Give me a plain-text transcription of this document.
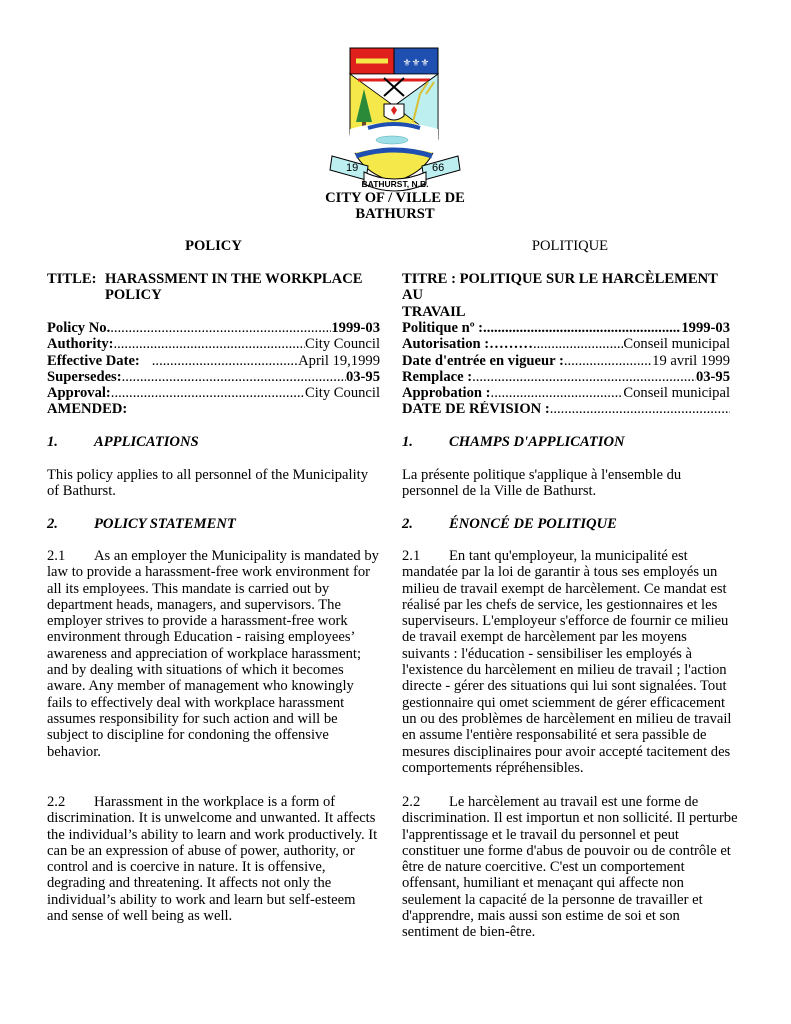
⚜⚜⚜
19	66
BATHURST, N.B.
CITY OF / VILLE DE
BATHURST
POLICY	POLITIQUE
TITLE: HARASSMENT IN THE WORKPLACE
POLICY
TITRE : POLITIQUE SUR LE HARCÈLEMENT AU
TRAVAIL
Policy No. .....	1999-03
Authority: .....	City Council
Effective Date: .....	April 19,1999
Supersedes: .....	03-95
Approval: .....	City Council
AMENDED:
Politique nº : .....	1999-03
Autorisation :……… .....	Conseil municipal
Date d'entrée en vigueur : .....	19 avril 1999
Remplace : .....	03-95
Approbation : .....	Conseil municipal
DATE DE RÉVISION :
.....
1.	APPLICATIONS	1.	CHAMPS D'APPLICATION
This policy applies to all personnel of the Municipality of Bathurst.
La présente politique s'applique à l'ensemble du personnel de la Ville de Bathurst.
2.	POLICY STATEMENT	2.	ÉNONCÉ DE POLITIQUE
2.1 As an employer the Municipality is mandated by law to provide a harassment-free work environment for all its employees. This mandate is carried out by department heads, managers, and supervisors. The employer strives to provide a harassment-free work environment through Education - raising employees’ awareness and appreciation of workplace harassment; and by dealing with situations of which it becomes aware. Any member of management who knowingly fails to effectively deal with workplace harassment assumes responsibility for such action and will be subject to discipline for condoning the offensive behavior.
2.1 En tant qu'employeur, la municipalité est mandatée par la loi de garantir à tous ses employés un milieu de travail exempt de harcèlement. Ce mandat est réalisé par les chefs de service, les gestionnaires et les superviseurs. L'employeur s'efforce de fournir ce milieu de travail exempt de harcèlement par les moyens suivants : l'éducation - sensibiliser les employés à l'existence du harcèlement en milieu de travail ; l'action directe - gérer des situations qui lui sont signalées. Tout gestionnaire qui omet sciemment de gérer efficacement un ou des problèmes de harcèlement en milieu de travail en assume l'entière responsabilité et sera passible de mesures disciplinaires pour avoir accepté tacitement des comportements répréhensibles.
2.2 Harassment in the workplace is a form of discrimination. It is unwelcome and unwanted. It affects the individual’s ability to learn and work productively. It can be an expression of abuse of power, authority, or control and is coercive in nature. It is offensive, degrading and threatening. It affects not only the individual’s ability to work and learn but self-esteem and sense of well being as well.
2.2 Le harcèlement au travail est une forme de discrimination. Il est importun et non sollicité. Il perturbe l'apprentissage et le travail du personnel et peut constituer une forme d'abus de pouvoir ou de contrôle et être de nature coercitive. C'est un comportement offensant, humiliant et menaçant qui affecte non seulement la capacité de la personne de travailler et d'apprendre, mais aussi son estime de soi et son sentiment de bien-être.
